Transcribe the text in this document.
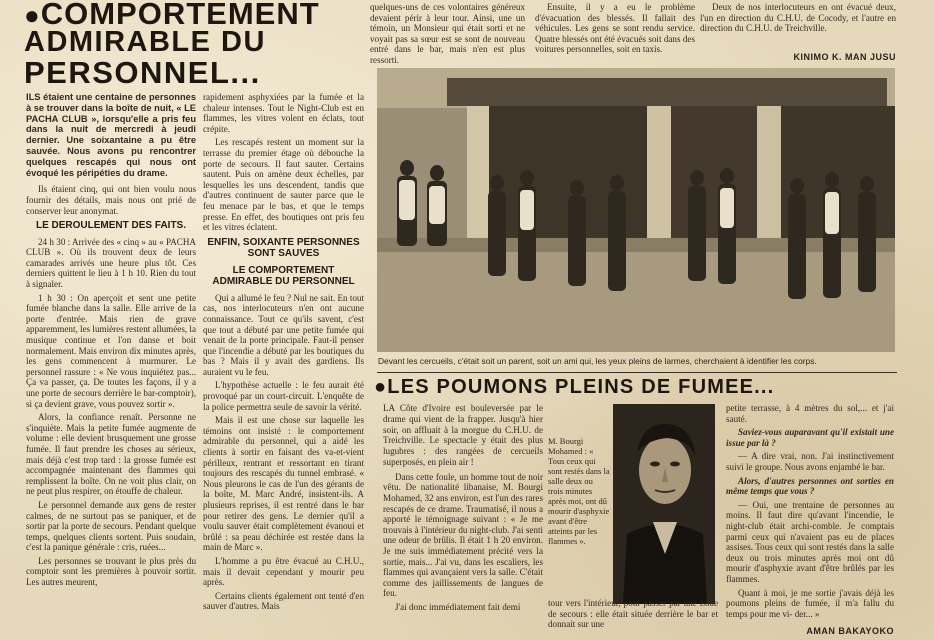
●COMPORTEMENT
ADMIRABLE DU
PERSONNEL...

ILS étaient une centaine de personnes à se trouver dans la boîte de nuit, « LE PACHA CLUB », lorsqu'elle a pris feu dans la nuit de mercredi à jeudi dernier. Une soixantaine a pu être sauvée. Nous avons pu rencontrer quelques rescapés qui nous ont évoqué les péripéties du drame.

Ils étaient cinq, qui ont bien voulu nous fournir des détails, mais nous ont prié de conserver leur anonymat.

LE DEROULEMENT DES FAITS.

24 h 30 : Arrivée des « cinq » au « PACHA CLUB ». Où ils trouvent deux de leurs camarades arrivés une heure plus tôt. Ces derniers quittent le lieu à 1 h 10. Rien du tout à signaler.

1 h 30 : On aperçoit et sent une petite fumée blanche dans la salle. Elle arrive de la porte d'entrée. Mais rien de grave apparemment, les lumières restent allumées, la musique continue et l'on danse et boit normalement. Mais environ dix minutes après, les gens commencent à murmurer. Le personnel rassure : « Ne vous inquiétez pas... Ça va passer, ça. De toutes les façons, il y a une porte de secours derrière le bar-comptoir), si ça devient grave, vous pouvez sortir ».

Alors, la confiance renaît. Personne ne s'inquiète. Mais la petite fumée augmente de volume : elle devient brusquement une grosse fumée. Il faut prendre les choses au sérieux, mais déjà c'est trop tard : la grosse fumée est accompagnée maintenant des flammes qui remplissent la boîte. On ne voit plus clair, on ne peut plus respirer, on étouffe de chaleur.

Le personnel demande aux gens de rester calmes, de ne surtout pas se paniquer, et de sortir par la porte de secours. Pendant quelque temps, quelques clients sortent. Puis soudain, c'est la panique générale : cris, ruées...

Les personnes se trouvant le plus près du comptoir sont les premières à pouvoir sortir. Les autres meurent,

rapidement asphyxiées par la fumée et la chaleur intenses. Tout le Night-Club est en flammes, les vitres volent en éclats, tout crépite.

Les rescapés restent un moment sur la terrasse du premier étage où débouche la porte de secours. Il faut sauter. Certains sautent. Puis on amène deux échelles, par lesquelles les uns descendent, tandis que d'autres continuent de sauter parce que le feu menace par le bas, et que le temps presse. En effet, des boutiques ont pris feu et les vitres éclatent.

ENFIN, SOIXANTE PERSONNES SONT SAUVES
LE COMPORTEMENT ADMIRABLE DU PERSONNEL

Qui a allumé le feu ? Nul ne sait. En tout cas, nos interlocuteurs n'en ont aucune connaissance. Tout ce qu'ils savent, c'est que tout a débuté par une petite fumée qui venait de la porte principale. Faut-il penser que l'incendie a débuté par les boutiques du bas ? Mais il y avait des gardiens. Ils auraient vu le feu.

L'hypothèse actuelle : le feu aurait été provoqué par un court-circuit. L'enquête de la police permettra seule de savoir la vérité.

Mais il est une chose sur laquelle les témoins ont insisté : le comportement admirable du personnel, qui a aidé les clients à sortir en faisant des va-et-vient périlleux, rentrant et ressortant en tirant toujours des rescapés du tunnel embrasé. « Nous pleurons le cas de l'un des gérants de la boîte, M. Marc André, insistent-ils. A plusieurs reprises, il est rentré dans le bar pour retirer des gens. Le dernier qu'il a voulu sauver était complètement évanoui et brûlé : sa peau déchirée est restée dans la main de Marc ».

L'homme a pu être évacué au C.H.U., mais il devait cependant y mourir peu après.

Certains clients également ont tenté d'en sauver d'autres. Mais

quelques-uns de ces volontaires généreux devaient périr à leur tour. Ainsi, une un témoin, un Monsieur qui était sorti et ne voyait pas sa sœur est se sont de nouveau entré dans le bar, mais n'en est plus ressorti.

Ensuite, il y a eu le problème d'évacuation des blessés. Il fallait des véhicules. Les gens se sont rendu service. Quatre blessés ont été évacués soit dans des voitures personnelles, soit en taxis.

Deux de nos interlocuteurs en ont évacué deux, l'un en direction du C.H.U. de Cocody, et l'autre en direction du C.H.U. de Treichville.

KINIMO K. MAN JUSU
Devant les cercueils, c'était soit un parent, soit un ami qui, les yeux pleins de larmes, cherchaient à identifier les corps.
●LES POUMONS PLEINS DE FUMEE...

LA Côte d'Ivoire est bouleversée par le drame qui vient de la frapper. Jusqu'à hier soir, on affluait à la morgue du C.H.U. de Treichville. Le spectacle y était des plus lugubres : des rangées de cercueils superposés, en plein air !

Dans cette foule, un homme tout de noir vêtu. De nationalité libanaise, M. Bourgi Mohamed, 32 ans environ, est l'un des rares rescapés de ce drame. Traumatisé, il nous a apporté le témoignage suivant : « Je me trouvais à l'intérieur du night-club. J'ai senti une odeur de brûlis. Il était 1 h 20 environ. Je me suis immédiatement précité vers la sortie, mais... J'ai vu, dans les escaliers, les flammes qui avançaient vers la salle. C'était comme des jaillissements de langues de feu.

J'ai donc immédiatement fait demi

M. Bourgi Mohamed : « Tous ceux qui sont restés dans la salle deux ou trois minutes après moi, ont dû mourir d'asphyxie avant d'être atteints par les flammes ».

tour vers l'intérieur, pour passer par une issue de secours : elle était située derrière le bar et donnait sur une

petite terrasse, à 4 mètres du sol,... et j'ai sauté.

Saviez-vous auparavant qu'il existait une issue par là ?

— A dire vrai, non. J'ai instinctivement suivi le groupe. Nous avons enjambé le bar.

Alors, d'autres personnes ont sorties en même temps que vous ?

— Oui, une trentaine de personnes au moins. Il faut dire qu'avant l'incendie, le night-club était archi-comble. Je comptais parmi ceux qui n'avaient pas eu de places assises. Tous ceux qui sont restés dans la salle deux ou trois minutes après moi ont dû mourir d'asphyxie avant d'être brûlés par les flammes.

Quant à moi, je me sortie j'avais déjà les poumons pleins de fumée, il m'a fallu du temps pour me vi- der... »

AMAN BAKAYOKO
